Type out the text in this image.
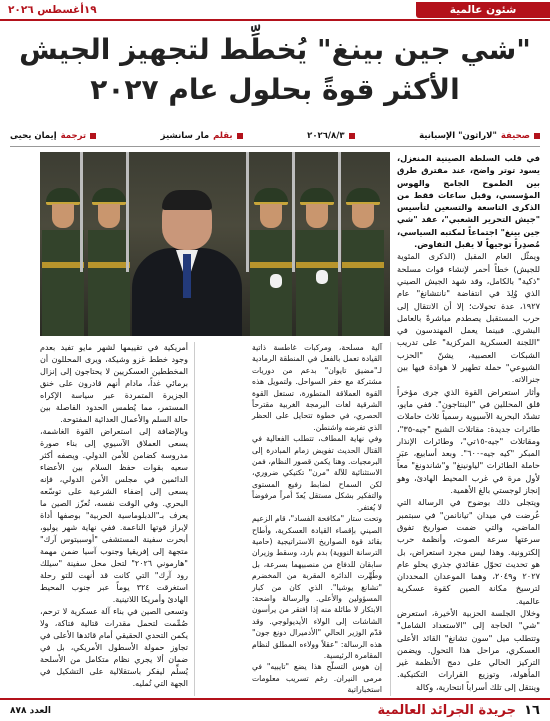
شئون عالمية
١٩أغسطس ٢٠٢٦
"شي جين بينغ" يُخطِّط لتجهيز الجيش
الأكثر قوةً بحلول عام ٢٠٢٧
صحيفة
"لاراثون" الإسبانية
٢٠٢٦/٨/٣
بقلم
مار سانشيز
ترجمة
إيمان يحيى

في قلب السلطة الصينية المنعزل، يسود توتر واضح، عند مفترق طرق بين الطموح الجامح والهوس المؤسسي، وقبل ساعات فقط من الذكرى التاسعة والتسعين لتأسيس "جيش التحرير الشعبي"، عقد "شي جين بينغ" اجتماعاً لمكتبه السياسي، مُصدِراً توجيهاً لا يقبل التفاوض.

ويمثّل العام المقبل (الذكرى المئوية للجيش) خطاً أحمر لإنشاء قوات مسلحة "ذكية" بالكامل، وقد شهد الجيش الصيني الذي وُلِدَ في انتفاضة "نانتشانغ" عام ١٩٢٧، عدة تحولات؛ إلا أن الانتقال إلى حرب المستقبل يصطدم مباشرةً بالعامل البشري. فبينما يعمل المهندسون في "اللجنة العسكرية المركزية" على تدريب الشبكات العصبية، يشنّ "الحزب الشيوعي" حملة تطهير لا هوادة فيها بين جنرالاته.

وأثار استعراض القوة الذي جرى مؤخراً قلق المحللين في "البنتاجون". ففي مايو، تشدّد البحرية الآسيوية رسمياً ثلاث حاملات طائرات جديدة: مقاتلات الشبح "جيه-٣٥"، ومقاتلات "جيه-١٥تي"، وطائرات الإنذار المبكر "كيه جيه-٦٠٠". وبعد أسابيع، عبَر حاملة الطائرات "لياونينغ" و"شاندونغ" معاً لأول مرة في غرب المحيط الهادئ، وهو إنجاز لوجستي بالغ الأهمية.

ويتجلى ذلك بوضوح في الرسالة التي عُرضت في ميدان "تيانانمن" في سبتمبر الماضي، والتي ضمت صواريخ تفوق سرعتها سرعة الصوت، وأنظمة حرب إلكترونية. وهذا ليس مجرد استعراض، بل هو تحديث تحوّل عقائدي جذري يحلو عام ٢٠٢٧ و٢٠٤٩، وهما الموعدان المحددان لترسيخ مكانة الصين كقوة عسكرية عالمية.

وخلال الجلسة الحزبية الأخيرة، استعرض "شي" الحاجة إلى "الاستعداد الشامل" وتتطلب ميل "سون تشانغ" القائد الأعلى العسكري، مراحل هذا التحول. ويضمن التركيز الحالي على دمج الأنظمة غير المأهولة، وتوزيع القرارات التكتيكية. وينتقل إلى تلك أسراباً انتحارية، وكالة

آلية مسلحة، ومركبات غاطسة ذاتية القيادة تعمل بالفعل في المنطقة الرمادية لـ"مضيق تايوان" بدعم من دوريات مشتركة مع خفر السواحل. ولتمويل هذه القوة العملاقة المتطورة، تستغل القوة الشرقية لغات البرمجة الغربية مقترحاً الحصري، في خطوة تتحايل على الحظر الذي تفرضه واشنطن.

وفي نهاية المطاف، تتطلب الفعالية في القتال الحديث تفويض زمام المبادرة إلى البرمجيات. وهنا يكمن قصور النظام، فمن الاستثنائية للآلة "مرن" تكتيكي ضروري، لكن السماح لضابط رفيع المستوى والتفكير بشكل مستقل يُعدّ أمراً مرفوضاً لا يُغتفر.

وتحت ستار "مكافحة الفساد"، قام الزعيم الصيني بإقصاء القيادة العسكرية، وأطاح بقائد قوة الصواريخ الاستراتيجية (حامية الترسانة النووية) بدم بارد، وسقط وزيران سابقان للدفاع من منصبيهما بسرعة، بل وطُهِّرت الدائرة المقربة من المخضرم "تشانغ يوشيا". الذي كان من كبار المسؤولين والأعلى. والرسالة واضحة: الابتكار لا طائلة منه إذا افتقر من يرأسون الشاشات إلى الولاء الأيديولوجي. وقد قدّم الوزير الحالي "الأدميرال دونغ جون" هذه الرسالة: "عقلاً وولاءه المطلق لنظام المقامرة الرئيسية.

إن هوس التسلّح هذا يضع "تايبيه" في مرمى النيران. رغم تسريب معلومات استخباراتية

أمريكية في تقييمها لشهر مايو تفيد بعدم وجود خطط غزو وشيكة، ويرى المحللون أن المخططين العسكريين لا يحتاجون إلى إنزال برمائي غداً، مادام أنهم قادرون على خنق الجزيرة المتمردة عبر سياسة الإكراه المستمر، مما يُطمس الحدود الفاصلة بين حالة السلم والأعمال العدائية المفتوحة.

وبالإضافة إلى استعراض القوة الغاشمة، يسعى العملاق الآسيوي إلى بناء صورة مدروسة كضامن للأمن الدولي. ويصفه أكثر سعيه بقوات حفظ السلام بين الأعضاء الدائمين في مجلس الأمن الدولي، فإنه يسعى إلى إضفاء الشرعية على توسّعه البحري. وفي الوقت نفسه، تُعزّز الصين ما يعرف بـ"الدبلوماسية الحربية" بوصفها أداة لإبراز قوتها الناعمة. ففي نهاية شهر يوليو، أبحرت سفينة المستشفى "أوسبيتوس آرك" متجهة إلى إفريقيا وجنوب آسيا ضمن مهمة "هارموني ٢٠٢٦" لتحل محل سفينة "سيلك رود آرك" التي كانت قد أنهت للتو رحلة استغرقت ٣٢٤ يوماً عبر جنوب المحيط الهادئ وأمريكا اللاتينية.

وتسعى الصين في بناء آلة عسكرية لا ترحم، صُمِّمت لتحمل مقدرات قتالية فتاكة، ولا يكمن التحدي الحقيقي أمام قائدها الأعلى في تجاوز حمولة الأسطول الأمريكي، بل في ضمان ألا يجري نظام متكامل من الأسلحة يُسلِّم ليفكر باستقلالية على التشكيل في الجهة التي تُمليه.

١٦
جريدة الجرائد العالمية
العدد ٨٧٨
